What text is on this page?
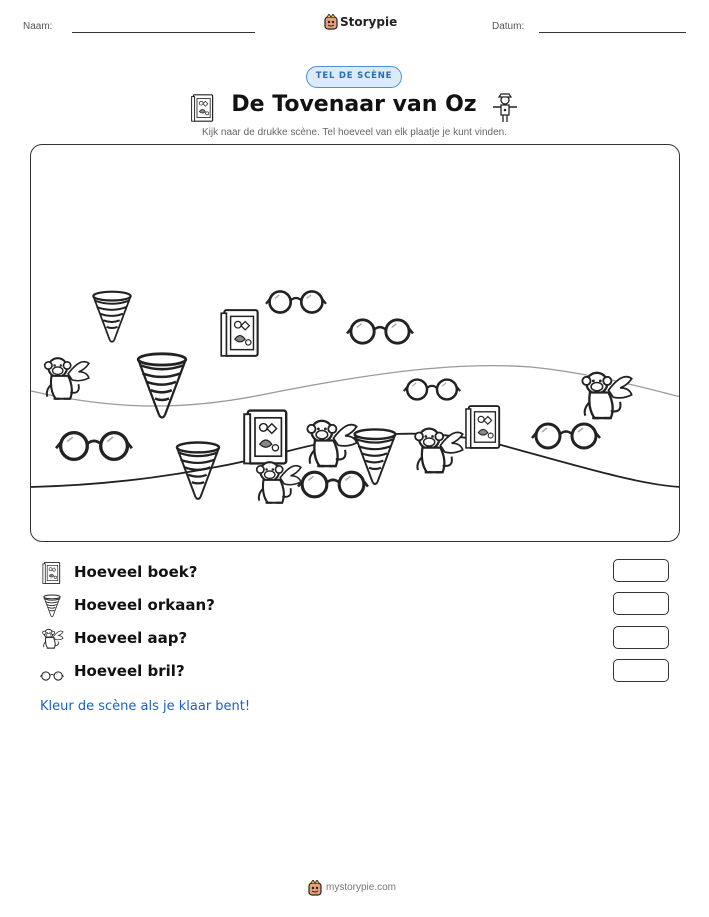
Naam:	Storypie	Datum:
TEL DE SCÈNE
De Tovenaar van Oz
Kijk naar de drukke scène. Tel hoeveel van elk plaatje je kunt vinden.
Hoeveel boek?
Hoeveel orkaan?
Hoeveel aap?
Hoeveel bril?
Kleur de scène als je klaar bent!
mystorypie.com
